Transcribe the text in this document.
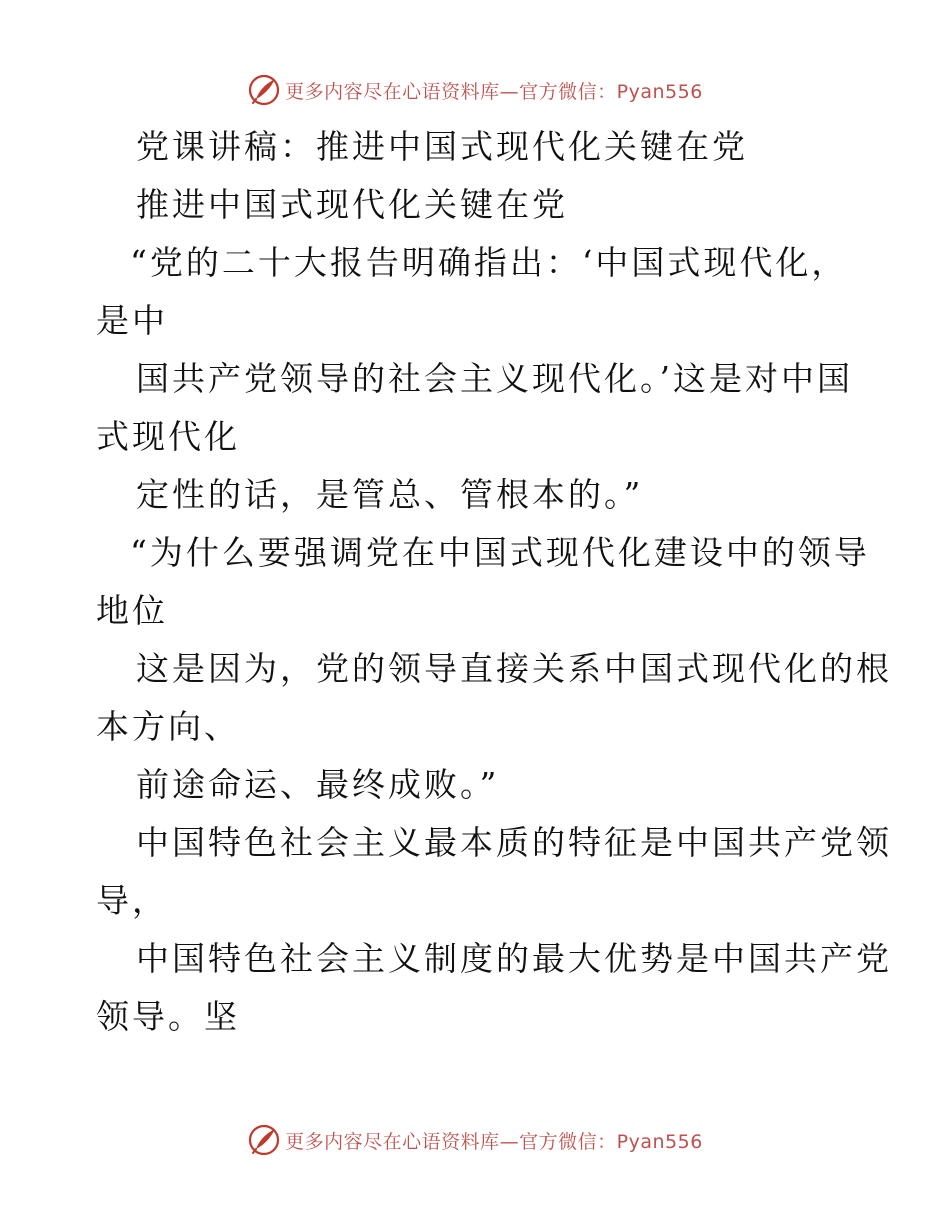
更多内容尽在心语资料库—官方微信：Pyan556
党课讲稿：推进中国式现代化关键在党
推进中国式现代化关键在党
“党的二十大报告明确指出：‘中国式现代化，
是中
国共产党领导的社会主义现代化。’这是对中国
式现代化
定性的话，是管总、管根本的。”
“为什么要强调党在中国式现代化建设中的领导
地位
这是因为，党的领导直接关系中国式现代化的根
本方向、
前途命运、最终成败。”
中国特色社会主义最本质的特征是中国共产党领
导，
中国特色社会主义制度的最大优势是中国共产党
领导。坚
更多内容尽在心语资料库—官方微信：Pyan556
